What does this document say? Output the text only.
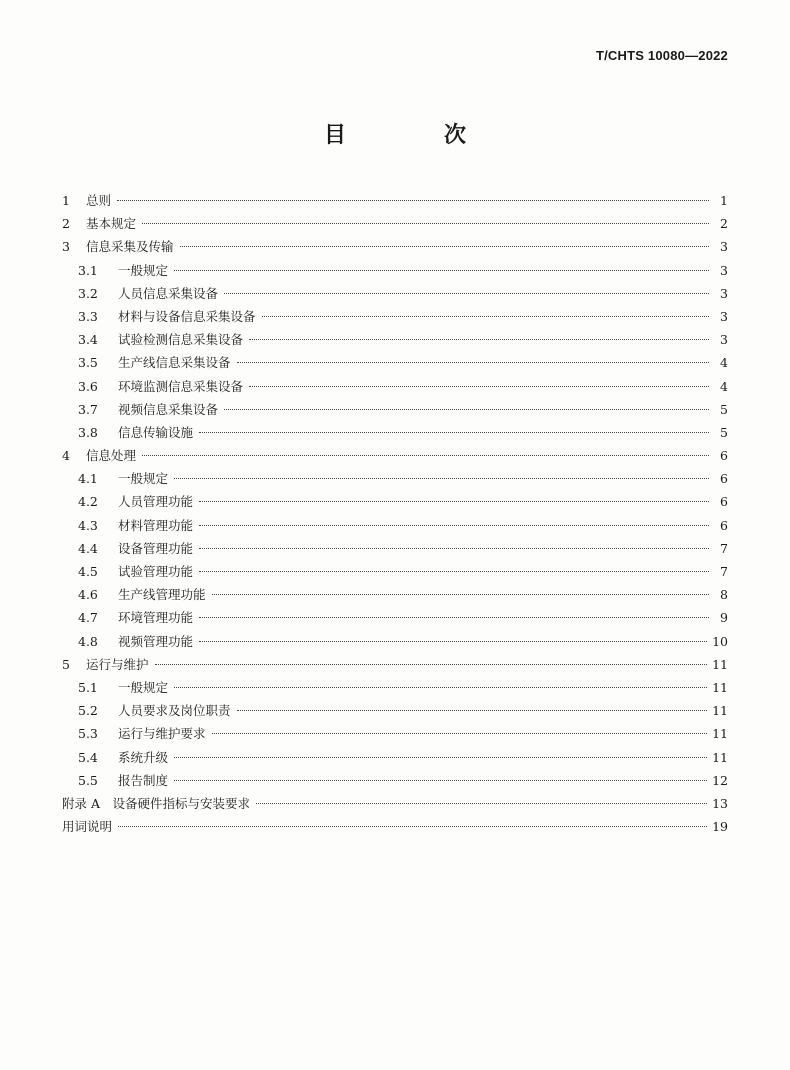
T/CHTS 10080—2022
目　次
1	总则	1
2	基本规定	2
3	信息采集及传输	3
3.1	一般规定	3
3.2	人员信息采集设备	3
3.3	材料与设备信息采集设备	3
3.4	试验检测信息采集设备	3
3.5	生产线信息采集设备	4
3.6	环境监测信息采集设备	4
3.7	视频信息采集设备	5
3.8	信息传输设施	5
4	信息处理	6
4.1	一般规定	6
4.2	人员管理功能	6
4.3	材料管理功能	6
4.4	设备管理功能	7
4.5	试验管理功能	7
4.6	生产线管理功能	8
4.7	环境管理功能	9
4.8	视频管理功能	10
5	运行与维护	11
5.1	一般规定	11
5.2	人员要求及岗位职责	11
5.3	运行与维护要求	11
5.4	系统升级	11
5.5	报告制度	12
附录 A　设备硬件指标与安装要求	13
用词说明	19
